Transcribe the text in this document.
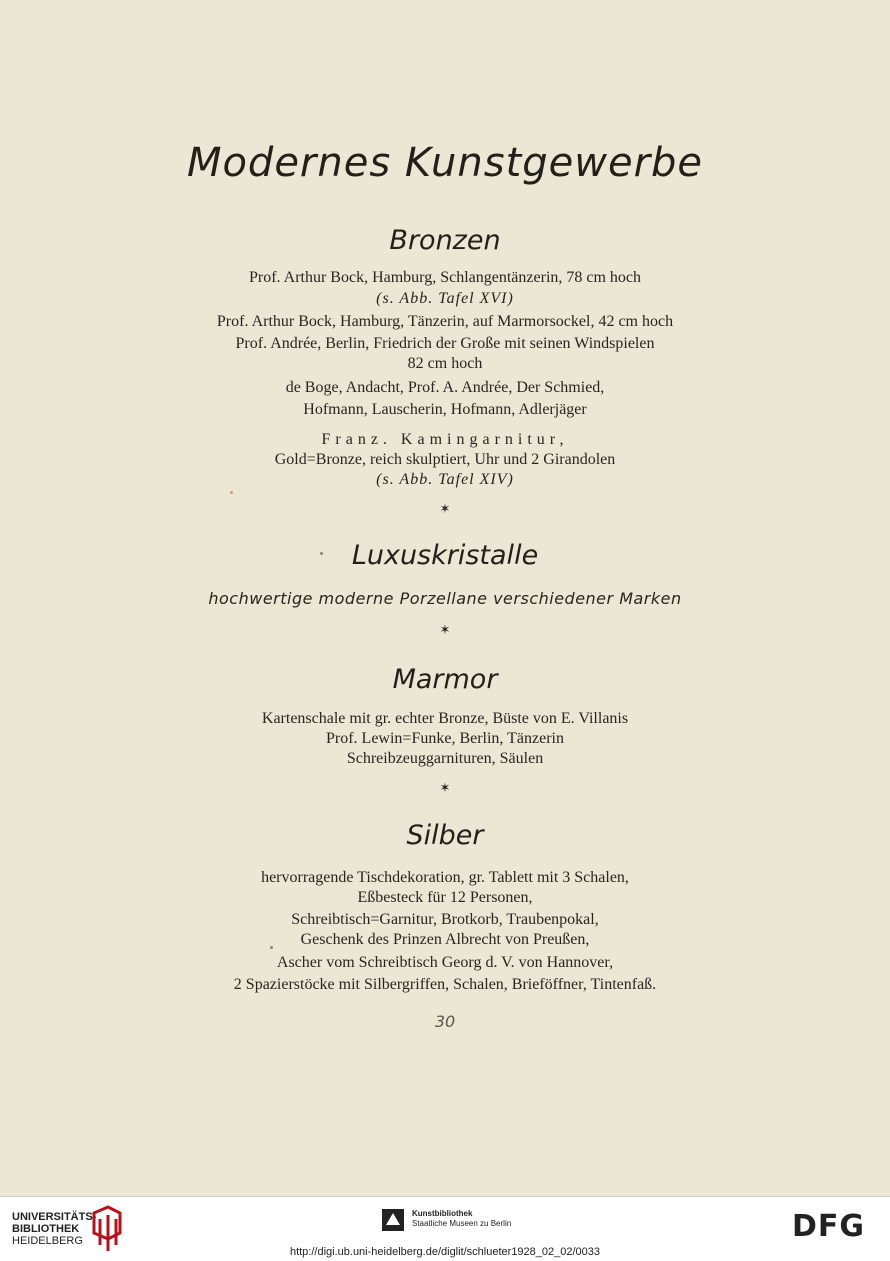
Modernes Kunstgewerbe
Bronzen
Prof. Arthur Bock, Hamburg, Schlangentänzerin, 78 cm hoch
(s. Abb. Tafel XVI)
Prof. Arthur Bock, Hamburg, Tänzerin, auf Marmorsockel, 42 cm hoch
Prof. Andrée, Berlin, Friedrich der Große mit seinen Windspielen
82 cm hoch
de Boge, Andacht, Prof. A. Andrée, Der Schmied,
Hofmann, Lauscherin, Hofmann, Adlerjäger
Franz. Kamingarnitur,
Gold=Bronze, reich skulptiert, Uhr und 2 Girandolen
(s. Abb. Tafel XIV)
✶
Luxuskristalle
hochwertige moderne Porzellane verschiedener Marken
✶
Marmor
Kartenschale mit gr. echter Bronze, Büste von E. Villanis
Prof. Lewin=Funke, Berlin, Tänzerin
Schreibzeuggarnituren, Säulen
✶
Silber
hervorragende Tischdekoration, gr. Tablett mit 3 Schalen,
Eßbesteck für 12 Personen,
Schreibtisch=Garnitur, Brotkorb, Traubenpokal,
Geschenk des Prinzen Albrecht von Preußen,
Ascher vom Schreibtisch Georg d. V. von Hannover,
2 Spazierstöcke mit Silbergriffen, Schalen, Brieföffner, Tintenfaß.
30
UNIVERSITÄTS-
BIBLIOTHEK
HEIDELBERG
Kunstbibliothek
Staatliche Museen zu Berlin	DFG
http://digi.ub.uni-heidelberg.de/diglit/schlueter1928_02_02/0033
